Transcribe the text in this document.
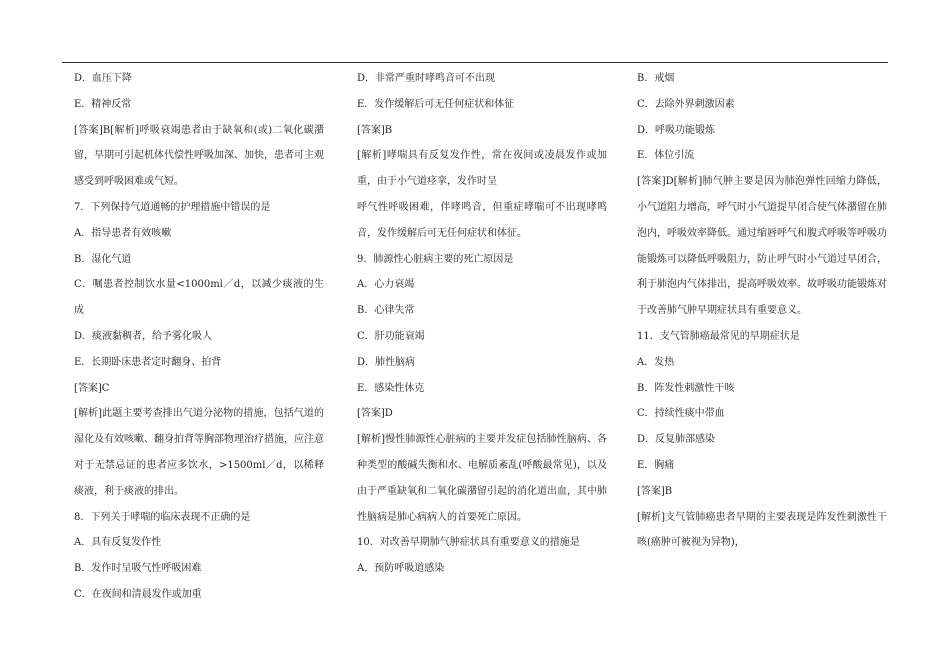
D．血压下降
E．精神反常
[答案]B[解析]呼吸衰竭患者由于缺氧和(或)二氧化碳潴留，早期可引起机体代偿性呼吸加深、加快，患者可主观感受到呼吸困难或气短。
7．下列保持气道通畅的护理措施中错误的是
A．指导患者有效咳嗽
B．湿化气道
C．嘱患者控制饮水量<1000ml／d，以减少痰液的生成
D．痰液黏稠者，给予雾化吸人
E．长期卧床患者定时翻身、拍背
[答案]C
[解析]此题主要考查排出气道分泌物的措施，包括气道的湿化及有效咳嗽、翻身拍背等胸部物理治疗措施，应注意对于无禁忌证的患者应多饮水，>1500ml／d，以稀释痰液，利于痰液的排出。
8．下列关于哮喘的临床表现不正确的是
A．具有反复发作性
B．发作时呈吸气性呼吸困难
C．在夜间和清晨发作或加重
D．非常严重时哮鸣音可不出现
E．发作缓解后可无任何症状和体征
[答案]B
[解析]哮喘具有反复发作性，常在夜间或凌晨发作或加重，由于小气道痉挛，发作时呈
呼气性呼吸困难，伴哮鸣音，但重症哮喘可不出现哮鸣音，发作缓解后可无任何症状和体征。
9．肺源性心脏病主要的死亡原因是
A．心力衰竭
B．心律失常
C．肝功能衰竭
D．肺性脑病
E．感染性休克
[答案]D
[解析]慢性肺源性心脏病的主要并发症包括肺性脑病、各种类型的酸碱失衡和水、电解质紊乱(呼酸最常见)，以及由于严重缺氧和二氧化碳潴留引起的消化道出血，其中肺性脑病是肺心病病人的首要死亡原因。
10．对改善早期肺气肿症状具有重要意义的措施是
A．预防呼吸道感染
B．戒烟
C．去除外界刺激因素
D．呼吸功能锻炼
E．体位引流
[答案]D[解析]肺气肿主要是因为肺泡弹性回缩力降低，小气道阻力增高，呼气时小气道提早闭合使气体潴留在肺泡内，呼吸效率降低。通过缩唇呼气和腹式呼吸等呼吸功能锻炼可以降低呼吸阻力，防止呼气时小气道过早闭合，利于肺泡内气体排出，提高呼吸效率。故呼吸功能锻炼对于改善肺气肿早期症状具有重要意义。
11．支气管肺癌最常见的早期症状是
A．发热
B．阵发性刺激性干咳
C．持续性痰中带血
D．反复肺部感染
E．胸痛
[答案]B
[解析]支气管肺癌患者早期的主要表现是阵发性刺激性干咳(癌肿可被视为异物)，
